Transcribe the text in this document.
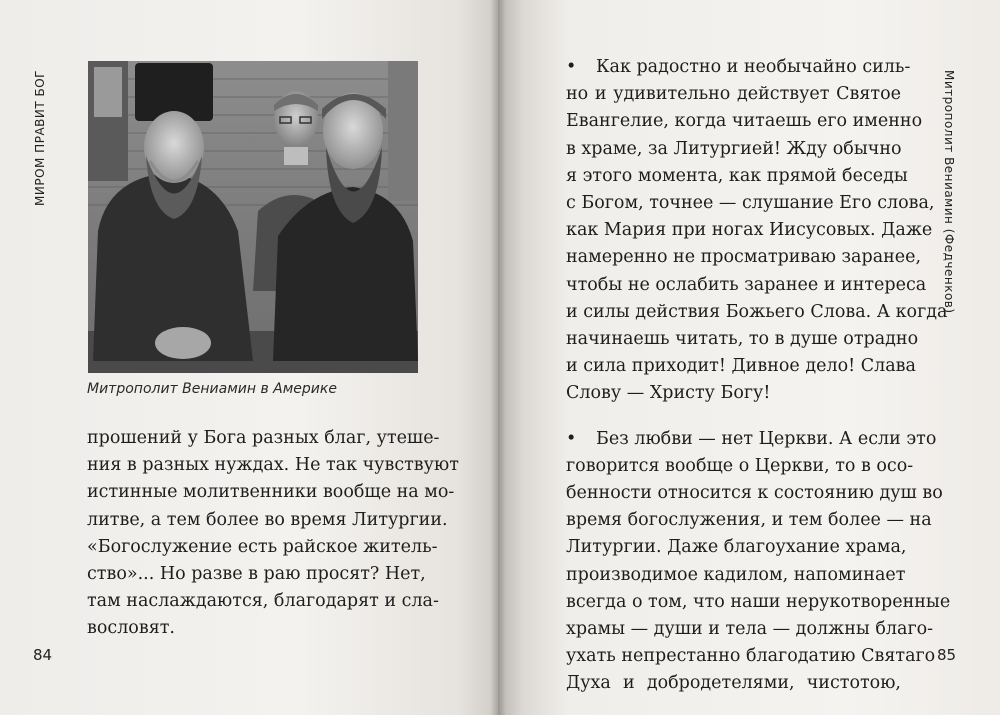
МИРОМ ПРАВИТ БОГ
Митрополит Вениамин в Америке
прошений у Бога разных благ, утеше-
ния в разных нуждах. Не так чувствуют
истинные молитвенники вообще на мо-
литве, а тем более во время Литургии.
«Богослужение есть райское житель-
ство»... Но разве в раю просят? Нет,
там наслаждаются, благодарят и сла-
вословят.
84
• Как радостно и необычайно силь-
но и удивительно действует Святое
Евангелие, когда читаешь его именно
в храме, за Литургией! Жду обычно
я этого момента, как прямой беседы
с Богом, точнее — слушание Его слова,
как Мария при ногах Иисусовых. Даже
намеренно не просматриваю заранее,
чтобы не ослабить заранее и интереса
и силы действия Божьего Слова. А когда
начинаешь читать, то в душе отрадно
и сила приходит! Дивное дело! Слава
Слову — Христу Богу!
• Без любви — нет Церкви. А если это
говорится вообще о Церкви, то в осо-
бенности относится к состоянию душ во
время богослужения, и тем более — на
Литургии. Даже благоухание храма,
производимое кадилом, напоминает
всегда о том, что наши нерукотворенные
храмы — души и тела — должны благо-
ухать непрестанно благодатию Святаго
Духа и добродетелями, чистотою,
85
Митрополит Вениамин (Федченков)
